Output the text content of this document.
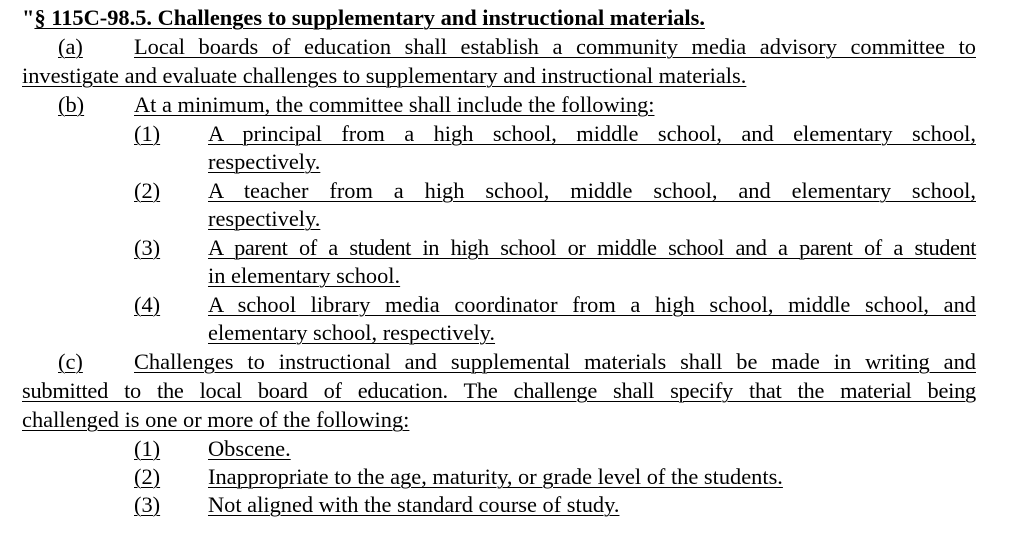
"§ 115C-98.5. Challenges to supplementary and instructional materials.
(a) Local boards of education shall establish a community media advisory committee to
investigate and evaluate challenges to supplementary and instructional materials.
(b) At a minimum, the committee shall include the following:
(1) A principal from a high school, middle school, and elementary school,
respectively.
(2) A teacher from a high school, middle school, and elementary school,
respectively.
(3) A parent of a student in high school or middle school and a parent of a student
in elementary school.
(4) A school library media coordinator from a high school, middle school, and
elementary school, respectively.
(c) Challenges to instructional and supplemental materials shall be made in writing and
submitted to the local board of education. The challenge shall specify that the material being
challenged is one or more of the following:
(1) Obscene.
(2) Inappropriate to the age, maturity, or grade level of the students.
(3) Not aligned with the standard course of study.
